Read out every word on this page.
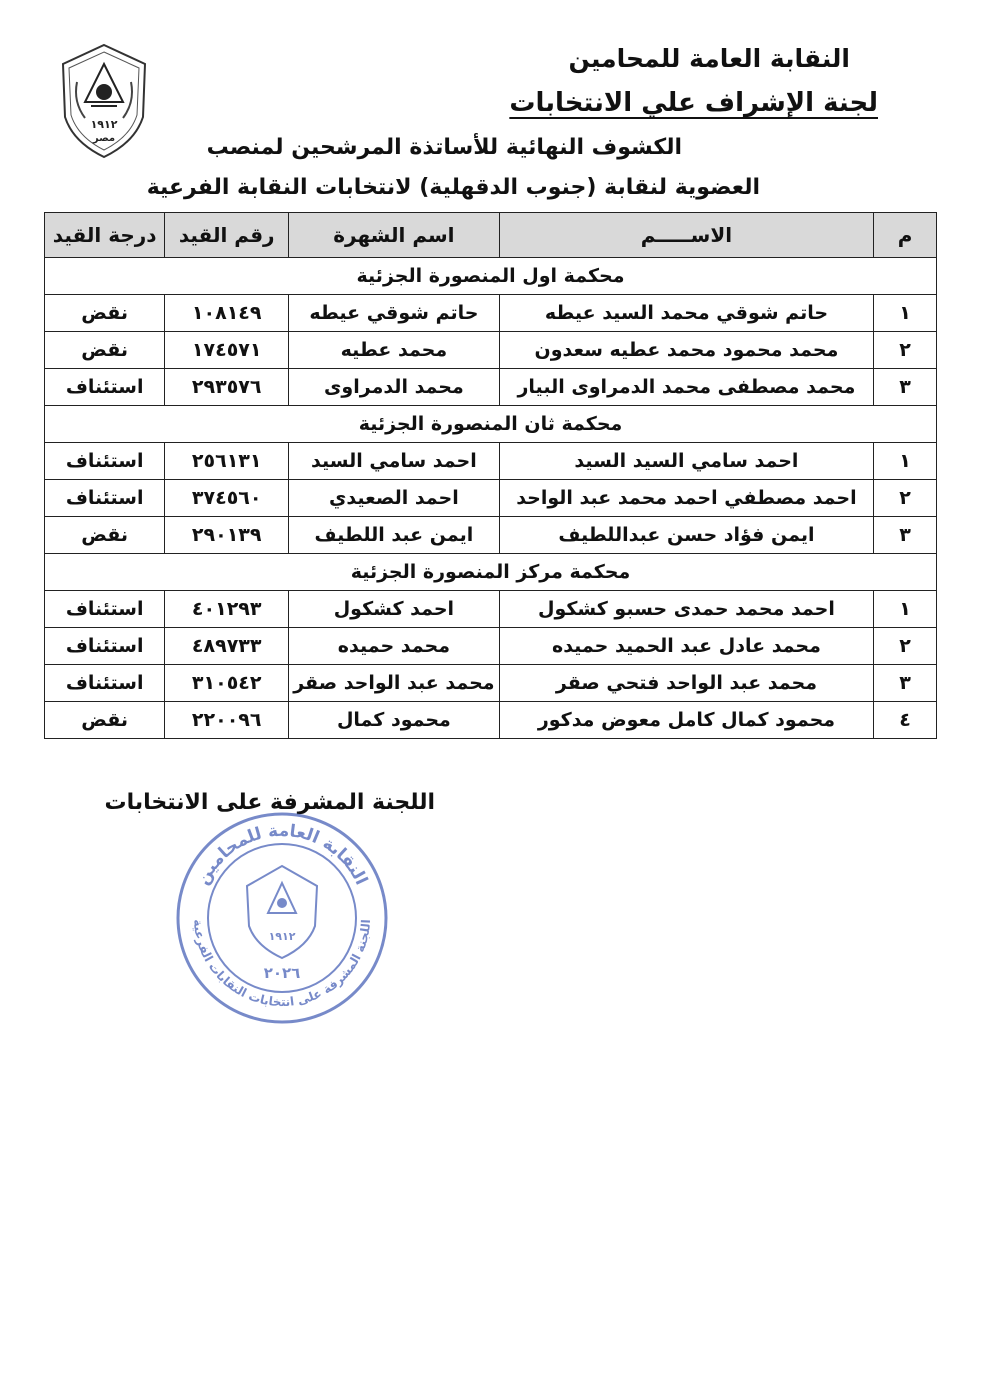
١٩١٢
مصر
النقابة العامة للمحامين
لجنة الإشراف علي الانتخابات
الكشوف النهائية للأساتذة المرشحين لمنصب
العضوية لنقابة (جنوب الدقهلية) لانتخابات النقابة الفرعية
م	الاســـــم	اسم الشهرة	رقم القيد	درجة القيد
محكمة اول المنصورة الجزئية				
١	حاتم شوقي محمد السيد عيطه	حاتم شوقي عيطه	١٠٨١٤٩	نقض
٢	محمد محمود محمد عطيه سعدون	محمد عطيه	١٧٤٥٧١	نقض
٣	محمد مصطفى محمد الدمراوى البيار	محمد الدمراوى	٢٩٣٥٧٦	استئناف
محكمة ثان المنصورة الجزئية				
١	احمد سامي السيد السيد	احمد سامي السيد	٢٥٦١٣١	استئناف
٢	احمد مصطفي احمد محمد عبد الواحد	احمد الصعيدي	٣٧٤٥٦٠	استئناف
٣	ايمن فؤاد حسن عبداللطيف	ايمن عبد اللطيف	٢٩٠١٣٩	نقض
محكمة مركز المنصورة الجزئية				
١	احمد محمد حمدى حسبو كشكول	احمد كشكول	٤٠١٢٩٣	استئناف
٢	محمد عادل عبد الحميد حميده	محمد حميده	٤٨٩٧٣٣	استئناف
٣	محمد عبد الواحد فتحي صقر	محمد عبد الواحد صقر	٣١٠٥٤٢	استئناف
٤	محمود كمال كامل معوض مدكور	محمود كمال	٢٢٠٠٩٦	نقض
اللجنة المشرفة على الانتخابات
النقابة العامة للمحامين
اللجنة المشرفة على انتخابات النقابات الفرعية
١٩١٢
٢٠٢٦
